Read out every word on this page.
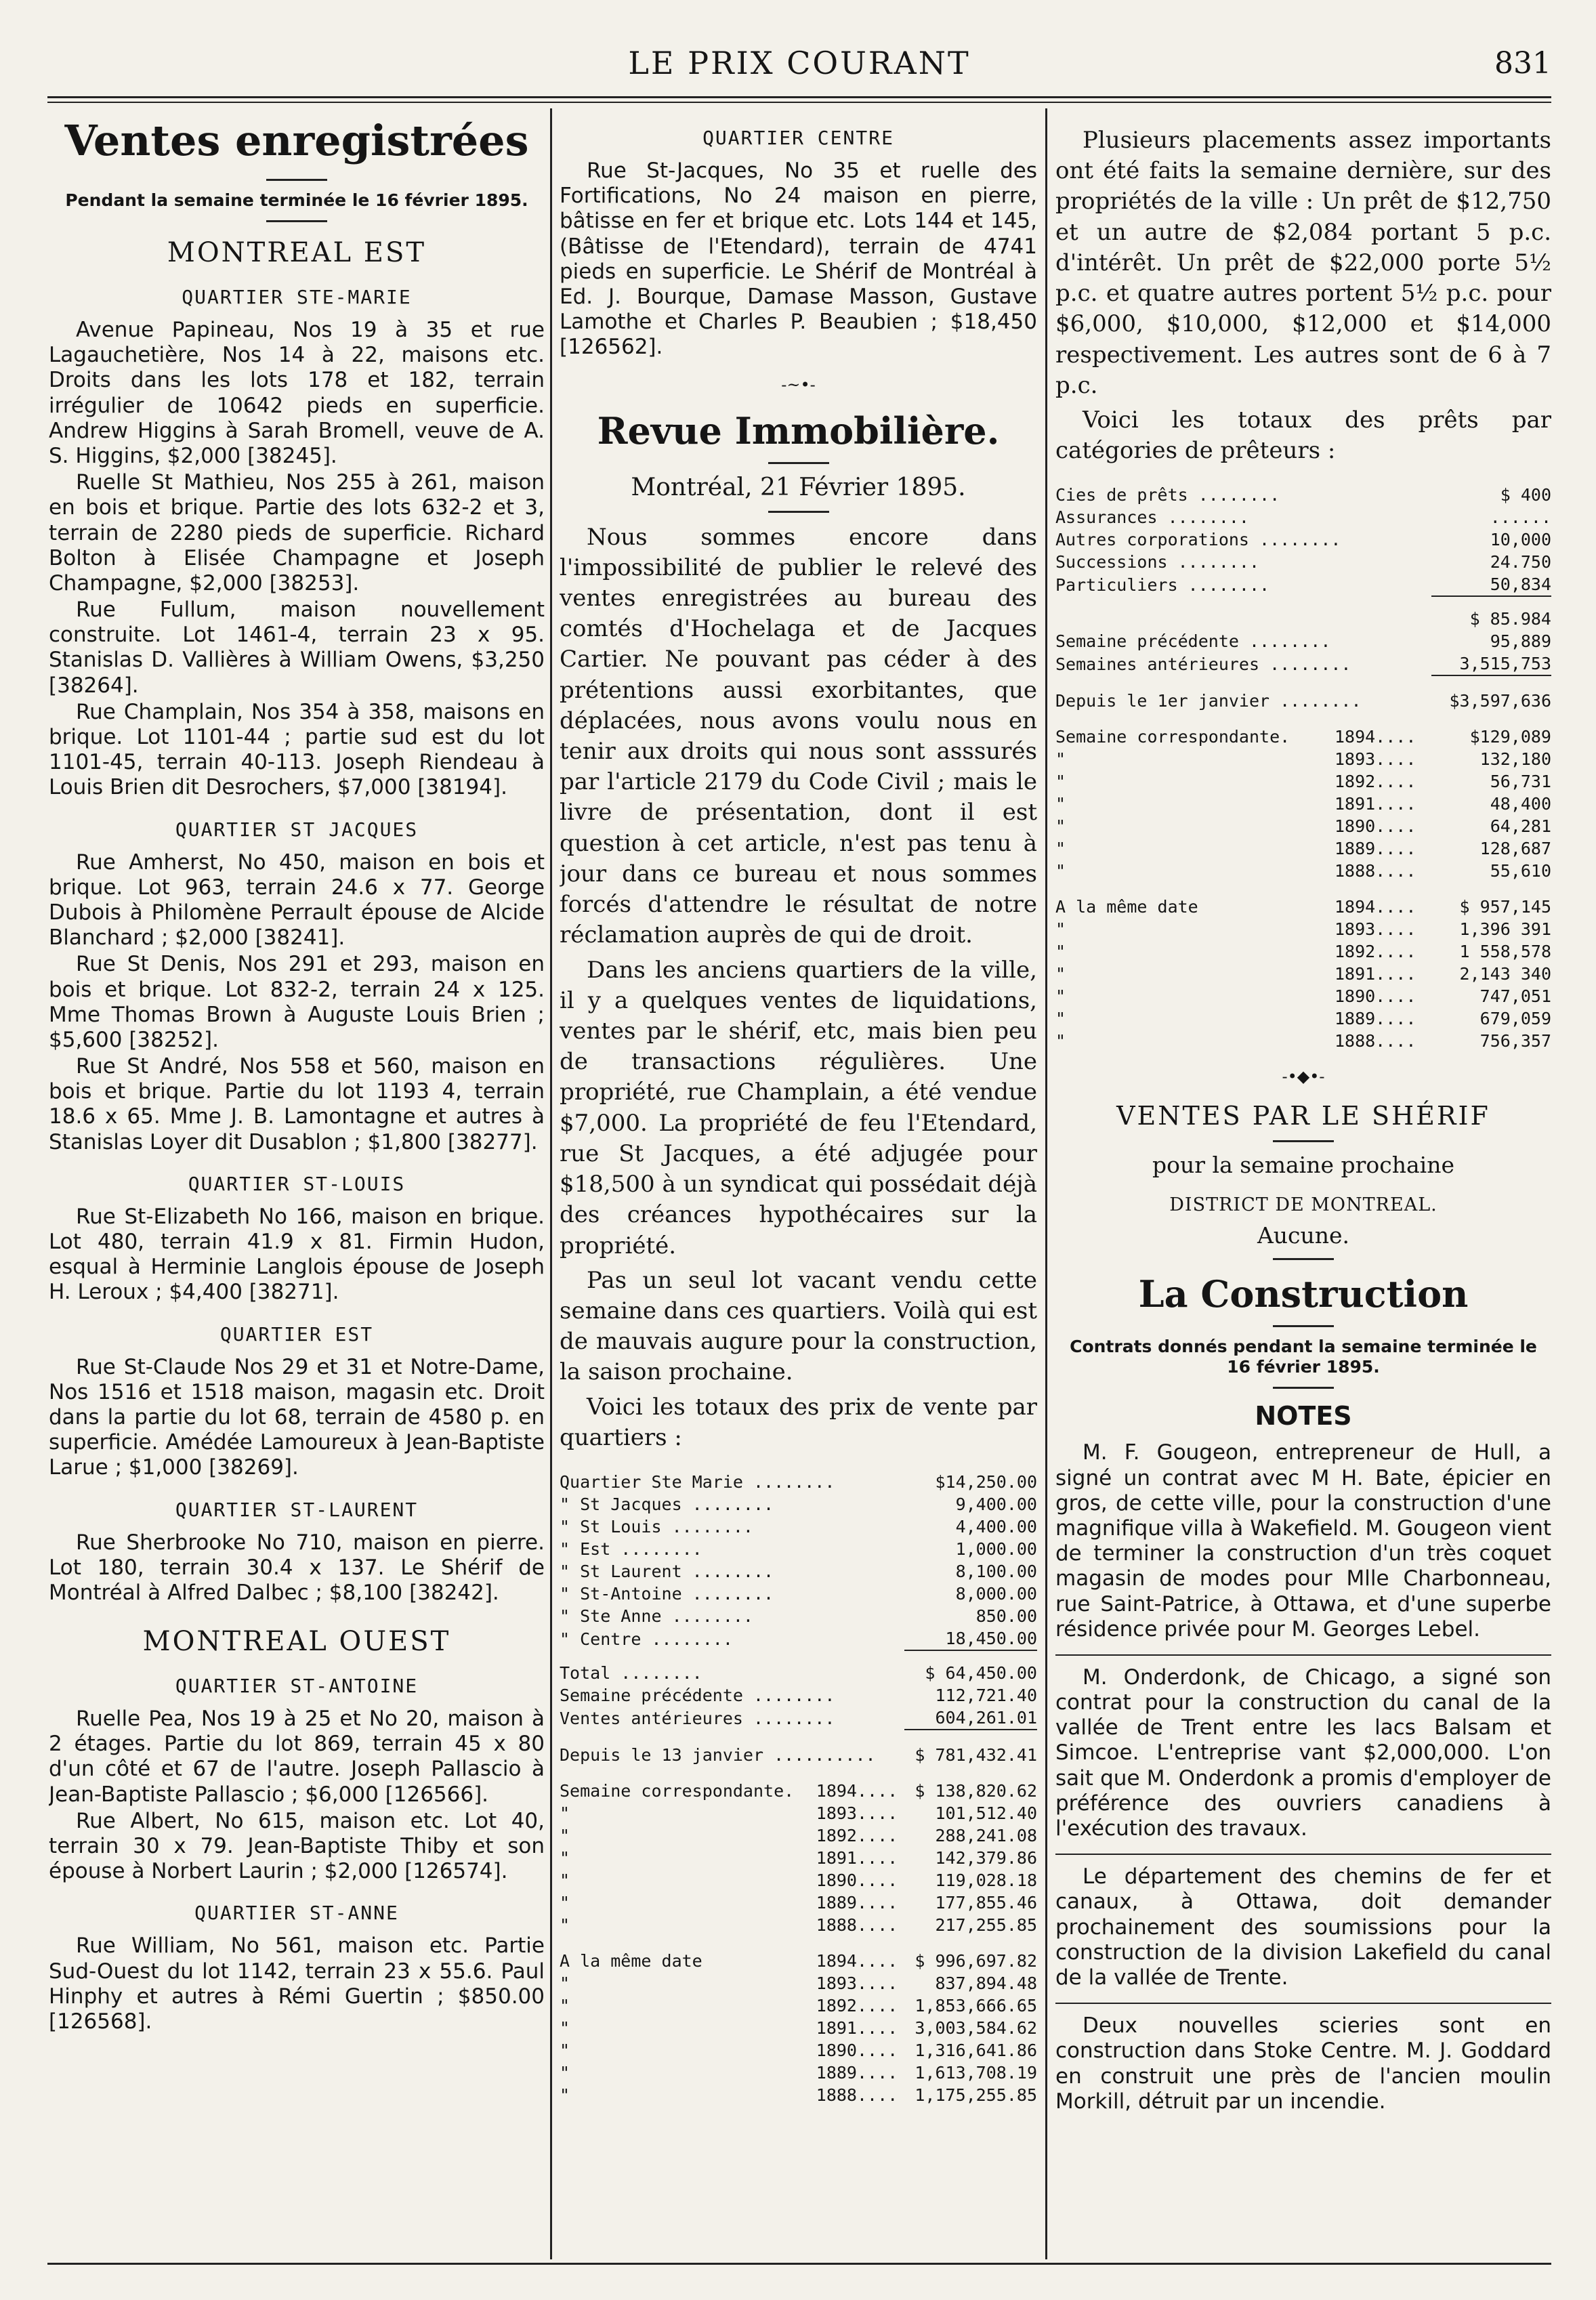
LE PRIX COURANT	831
Ventes enregistrées
Pendant la semaine terminée le 16 février 1895.
MONTREAL EST
QUARTIER STE-MARIE

Avenue Papineau, Nos 19 à 35 et rue Lagauchetière, Nos 14 à 22, maisons etc. Droits dans les lots 178 et 182, terrain irrégulier de 10642 pieds en superficie. Andrew Higgins à Sarah Bromell, veuve de A. S. Higgins, $2,000 [38245].

Ruelle St Mathieu, Nos 255 à 261, maison en bois et brique. Partie des lots 632-2 et 3, terrain de 2280 pieds de superficie. Richard Bolton à Elisée Champagne et Joseph Champagne, $2,000 [38253].

Rue Fullum, maison nouvellement construite. Lot 1461-4, terrain 23 x 95. Stanislas D. Vallières à William Owens, $3,250 [38264].

Rue Champlain, Nos 354 à 358, maisons en brique. Lot 1101-44 ; partie sud est du lot 1101-45, terrain 40-113. Joseph Riendeau à Louis Brien dit Desrochers, $7,000 [38194].

QUARTIER ST JACQUES

Rue Amherst, No 450, maison en bois et brique. Lot 963, terrain 24.6 x 77. George Dubois à Philomène Perrault épouse de Alcide Blanchard ; $2,000 [38241].

Rue St Denis, Nos 291 et 293, maison en bois et brique. Lot 832-2, terrain 24 x 125. Mme Thomas Brown à Auguste Louis Brien ; $5,600 [38252].

Rue St André, Nos 558 et 560, maison en bois et brique. Partie du lot 1193 4, terrain 18.6 x 65. Mme J. B. Lamontagne et autres à Stanislas Loyer dit Dusablon ; $1,800 [38277].

QUARTIER ST-LOUIS

Rue St-Elizabeth No 166, maison en brique. Lot 480, terrain 41.9 x 81. Firmin Hudon, esqual à Herminie Langlois épouse de Joseph H. Leroux ; $4,400 [38271].

QUARTIER EST

Rue St-Claude Nos 29 et 31 et Notre-Dame, Nos 1516 et 1518 maison, magasin etc. Droit dans la partie du lot 68, terrain de 4580 p. en superficie. Amédée Lamoureux à Jean-Baptiste Larue ; $1,000 [38269].

QUARTIER ST-LAURENT

Rue Sherbrooke No 710, maison en pierre. Lot 180, terrain 30.4 x 137. Le Shérif de Montréal à Alfred Dalbec ; $8,100 [38242].

MONTREAL OUEST
QUARTIER ST-ANTOINE

Ruelle Pea, Nos 19 à 25 et No 20, maison à 2 étages. Partie du lot 869, terrain 45 x 80 d'un côté et 67 de l'autre. Joseph Pallascio à Jean-Baptiste Pallascio ; $6,000 [126566].

Rue Albert, No 615, maison etc. Lot 40, terrain 30 x 79. Jean-Baptiste Thiby et son épouse à Norbert Laurin ; $2,000 [126574].

QUARTIER ST-ANNE

Rue William, No 561, maison etc. Partie Sud-Ouest du lot 1142, terrain 23 x 55.6. Paul Hinphy et autres à Rémi Guertin ; $850.00 [126568].

QUARTIER CENTRE

Rue St-Jacques, No 35 et ruelle des Fortifications, No 24 maison en pierre, bâtisse en fer et brique etc. Lots 144 et 145, (Bâtisse de l'Etendard), terrain de 4741 pieds en superficie. Le Shérif de Montréal à Ed. J. Bourque, Damase Masson, Gustave Lamothe et Charles P. Beaubien ; $18,450 [126562].

-~•-
Revue Immobilière.
Montréal, 21 Février 1895.

Nous sommes encore dans l'impossibilité de publier le relevé des ventes enregistrées au bureau des comtés d'Hochelaga et de Jacques Cartier. Ne pouvant pas céder à des prétentions aussi exorbitantes, que déplacées, nous avons voulu nous en tenir aux droits qui nous sont asssurés par l'article 2179 du Code Civil ; mais le livre de présentation, dont il est question à cet article, n'est pas tenu à jour dans ce bureau et nous sommes forcés d'attendre le résultat de notre réclamation auprès de qui de droit.

Dans les anciens quartiers de la ville, il y a quelques ventes de liquidations, ventes par le shérif, etc, mais bien peu de transactions régulières. Une propriété, rue Champlain, a été vendue $7,000. La propriété de feu l'Etendard, rue St Jacques, a été adjugée pour $18,500 à un syndicat qui possédait déjà des créances hypothécaires sur la propriété.

Pas un seul lot vacant vendu cette semaine dans ces quartiers. Voilà qui est de mauvais augure pour la construction, la saison prochaine.

Voici les totaux des prix de vente par quartiers :

Quartier Ste Marie ........		$14,250.00
" St Jacques ........		9,400.00
" St Louis ........		4,400.00
" Est ........		1,000.00
" St Laurent ........		8,100.00
" St-Antoine ........		8,000.00
" Ste Anne ........		850.00
" Centre ........		18,450.00
Total ........		$ 64,450.00
Semaine précédente ........		112,721.40
Ventes antérieures ........		604,261.01
Depuis le 13 janvier ..........		$ 781,432.41
Semaine correspondante.	1894....	$ 138,820.62
"	1893....	101,512.40
"	1892....	288,241.08
"	1891....	142,379.86
"	1890....	119,028.18
"	1889....	177,855.46
"	1888....	217,255.85
A la même date	1894....	$ 996,697.82
"	1893....	837,894.48
"	1892....	1,853,666.65
"	1891....	3,003,584.62
"	1890....	1,316,641.86
"	1889....	1,613,708.19
"	1888....	1,175,255.85

Plusieurs placements assez importants ont été faits la semaine dernière, sur des propriétés de la ville : Un prêt de $12,750 et un autre de $2,084 portant 5 p.c. d'intérêt. Un prêt de $22,000 porte 5½ p.c. et quatre autres portent 5½ p.c. pour $6,000, $10,000, $12,000 et $14,000 respectivement. Les autres sont de 6 à 7 p.c.

Voici les totaux des prêts par catégories de prêteurs :

Cies de prêts ........		$ 400
Assurances ........		......
Autres corporations ........		10,000
Successions ........		24.750
Particuliers ........		50,834
		$ 85.984
Semaine précédente ........		95,889
Semaines antérieures ........		3,515,753
Depuis le 1er janvier ........		$3,597,636
Semaine correspondante.	1894....	$129,089
"	1893....	132,180
"	1892....	56,731
"	1891....	48,400
"	1890....	64,281
"	1889....	128,687
"	1888....	55,610
A la même date	1894....	$ 957,145
"	1893....	1,396 391
"	1892....	1 558,578
"	1891....	2,143 340
"	1890....	747,051
"	1889....	679,059
"	1888....	756,357
-•◆•-
VENTES PAR LE SHÉRIF
pour la semaine prochaine
DISTRICT DE MONTREAL.
Aucune.
La Construction
Contrats donnés pendant la semaine terminée le 16 février 1895.
NOTES

M. F. Gougeon, entrepreneur de Hull, a signé un contrat avec M H. Bate, épicier en gros, de cette ville, pour la construction d'une magnifique villa à Wakefield. M. Gougeon vient de terminer la construction d'un très coquet magasin de modes pour Mlle Charbonneau, rue Saint-Patrice, à Ottawa, et d'une superbe résidence privée pour M. Georges Lebel.

M. Onderdonk, de Chicago, a signé son contrat pour la construction du canal de la vallée de Trent entre les lacs Balsam et Simcoe. L'entreprise vant $2,000,000. L'on sait que M. Onderdonk a promis d'employer de préférence des ouvriers canadiens à l'exécution des travaux.

Le département des chemins de fer et canaux, à Ottawa, doit demander prochainement des soumissions pour la construction de la division Lakefield du canal de la vallée de Trente.

Deux nouvelles scieries sont en construction dans Stoke Centre. M. J. Goddard en construit une près de l'ancien moulin Morkill, détruit par un incendie.
